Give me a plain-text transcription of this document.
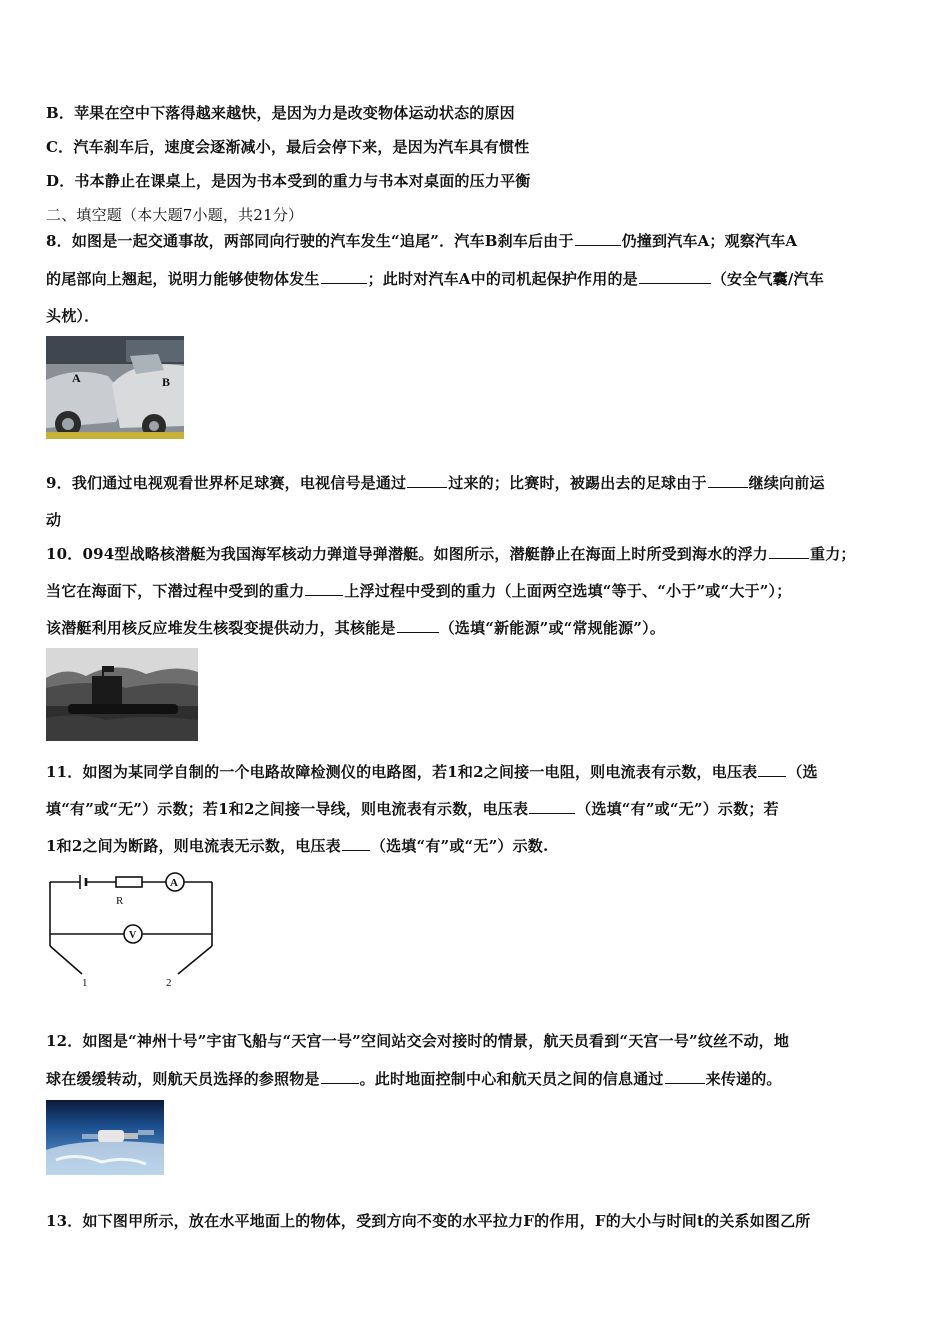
B．苹果在空中下落得越来越快，是因为力是改变物体运动状态的原因
C．汽车刹车后，速度会逐渐减小，最后会停下来，是因为汽车具有惯性
D．书本静止在课桌上，是因为书本受到的重力与书本对桌面的压力平衡
二、填空题（本大题7小题，共21分）
8．如图是一起交通事故，两部同向行驶的汽车发生“追尾”．汽车B刹车后由于	仍撞到汽车A；观察汽车A
的尾部向上翘起，说明力能够使物体发生	；此时对汽车A中的司机起保护作用的是	（安全气囊/汽车
头枕）．
A	B
9．我们通过电视观看世界杯足球赛，电视信号是通过	过来的；比赛时，被踢出去的足球由于	继续向前运
动
10．094型战略核潜艇为我国海军核动力弹道导弹潜艇。如图所示，潜艇静止在海面上时所受到海水的浮力	重力；
当它在海面下，下潜过程中受到的重力	上浮过程中受到的重力（上面两空选填“等于、“小于”或“大于”）；
该潜艇利用核反应堆发生核裂变提供动力，其核能是	（选填“新能源”或“常规能源”）。
11．如图为某同学自制的一个电路故障检测仪的电路图，若1和2之间接一电阻，则电流表有示数，电压表 （选
填“有”或“无”）示数；若1和2之间接一导线，则电流表有示数，电压表	（选填“有”或“无”）示数；若
1和2之间为断路，则电流表无示数，电压表 （选填“有”或“无”）示数.
A
V
R
1	2
12．如图是“神州十号”宇宙飞船与“天宫一号”空间站交会对接时的情景，航天员看到“天宫一号”纹丝不动，地
球在缓缓转动，则航天员选择的参照物是	。此时地面控制中心和航天员之间的信息通过	来传递的。
13．如下图甲所示，放在水平地面上的物体，受到方向不变的水平拉力F的作用，F的大小与时间t的关系如图乙所
